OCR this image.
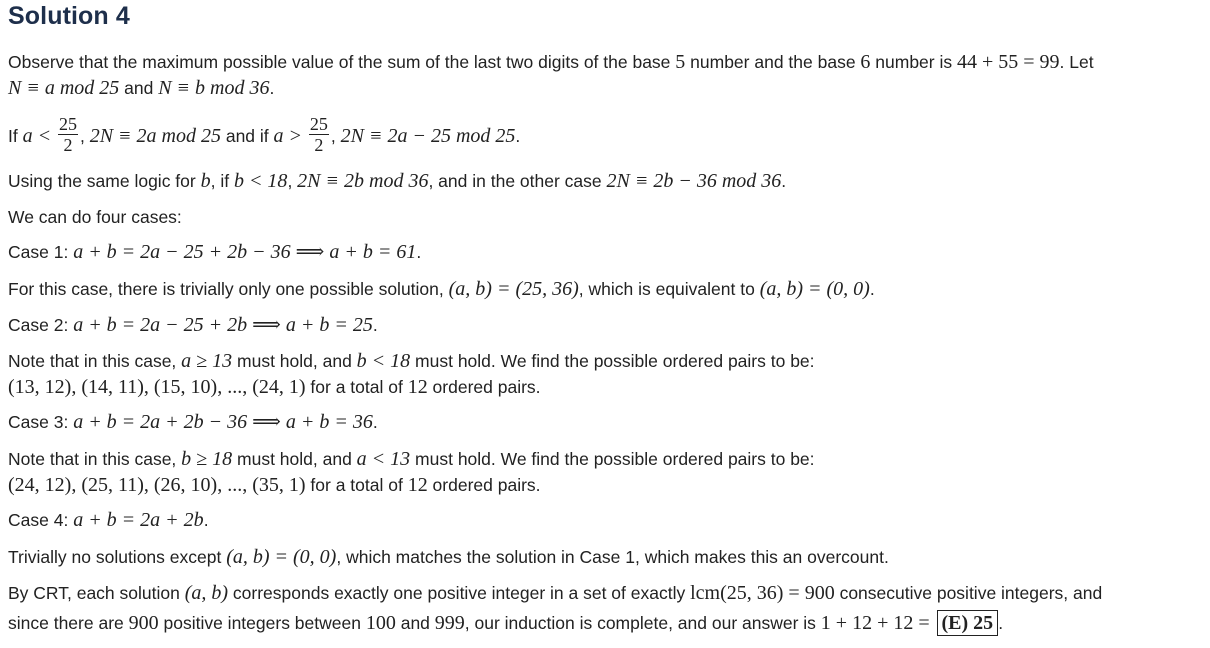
Solution 4
Observe that the maximum possible value of the sum of the last two digits of the base 5 number and the base 6 number is 44 + 55 = 99. Let
N ≡ a mod 25 and N ≡ b mod 36.
If $a < \frac{25}{2}$ , 2N ≡ 2a mod 25 and if $a > \frac{25}{2}$ , 2N ≡ 2a − 25 mod 25.
Using the same logic for b, if b < 18, 2N ≡ 2b mod 36, and in the other case 2N ≡ 2b − 36 mod 36.
We can do four cases:
Case 1: a + b = 2a − 25 + 2b − 36 ⟹ a + b = 61.
For this case, there is trivially only one possible solution, (a, b) = (25, 36), which is equivalent to (a, b) = (0, 0).
Case 2: a + b = 2a − 25 + 2b ⟹ a + b = 25.
Note that in this case, a ≥ 13 must hold, and b < 18 must hold. We find the possible ordered pairs to be:
(13, 12), (14, 11), (15, 10), ..., (24, 1) for a total of 12 ordered pairs.
Case 3: a + b = 2a + 2b − 36 ⟹ a + b = 36.
Note that in this case, b ≥ 18 must hold, and a < 13 must hold. We find the possible ordered pairs to be:
(24, 12), (25, 11), (26, 10), ..., (35, 1) for a total of 12 ordered pairs.
Case 4: a + b = 2a + 2b.
Trivially no solutions except (a, b) = (0, 0), which matches the solution in Case 1, which makes this an overcount.
By CRT, each solution (a, b) corresponds exactly one positive integer in a set of exactly lcm(25, 36) = 900 consecutive positive integers, and
since there are 900 positive integers between 100 and 999, our induction is complete, and our answer is 1 + 12 + 12 = (E) 25 .
